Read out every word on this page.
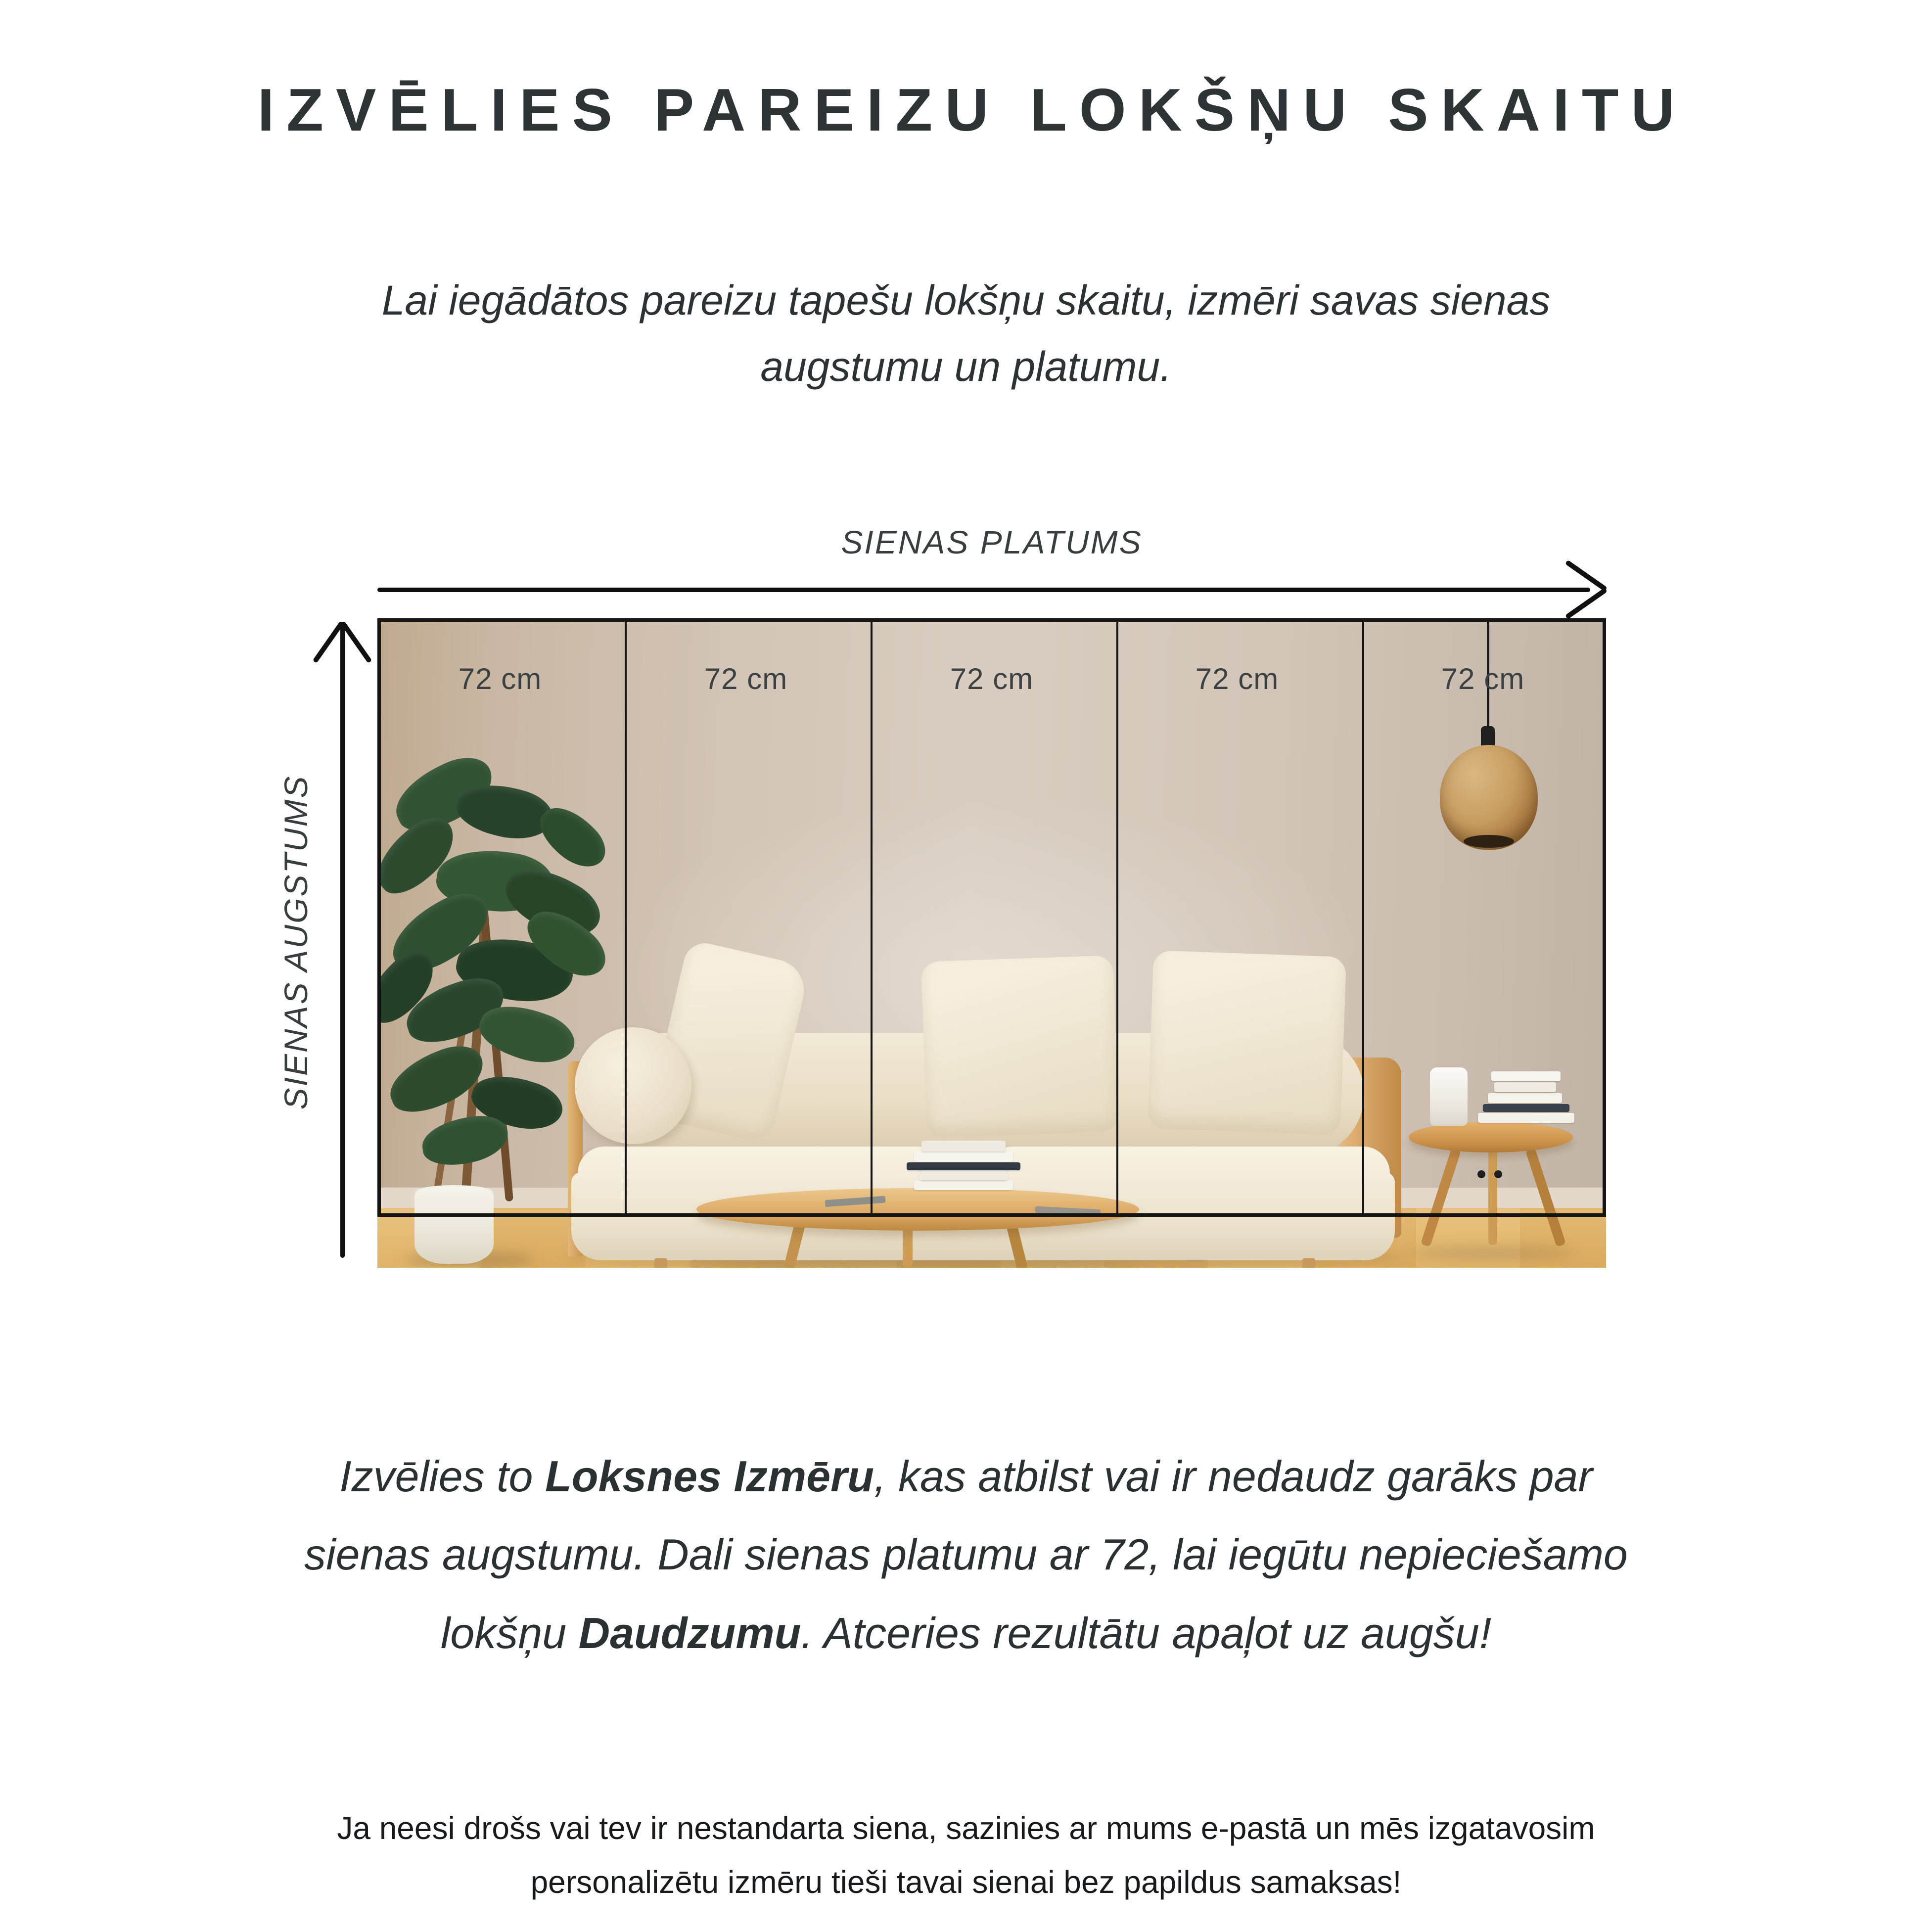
IZVĒLIES PAREIZU LOKŠŅU SKAITU
Lai iegādātos pareizu tapešu lokšņu skaitu, izmēri savas sienas
augstumu un platumu.
SIENAS PLATUMS
SIENAS AUGSTUMS
72 cm	72 cm	72 cm	72 cm	72 cm
Izvēlies to Loksnes Izmēru, kas atbilst vai ir nedaudz garāks par
sienas augstumu. Dali sienas platumu ar 72, lai iegūtu nepieciešamo
lokšņu Daudzumu. Atceries rezultātu apaļot uz augšu!
Ja neesi drošs vai tev ir nestandarta siena, sazinies ar mums e-pastā un mēs izgatavosim
personalizētu izmēru tieši tavai sienai bez papildus samaksas!
